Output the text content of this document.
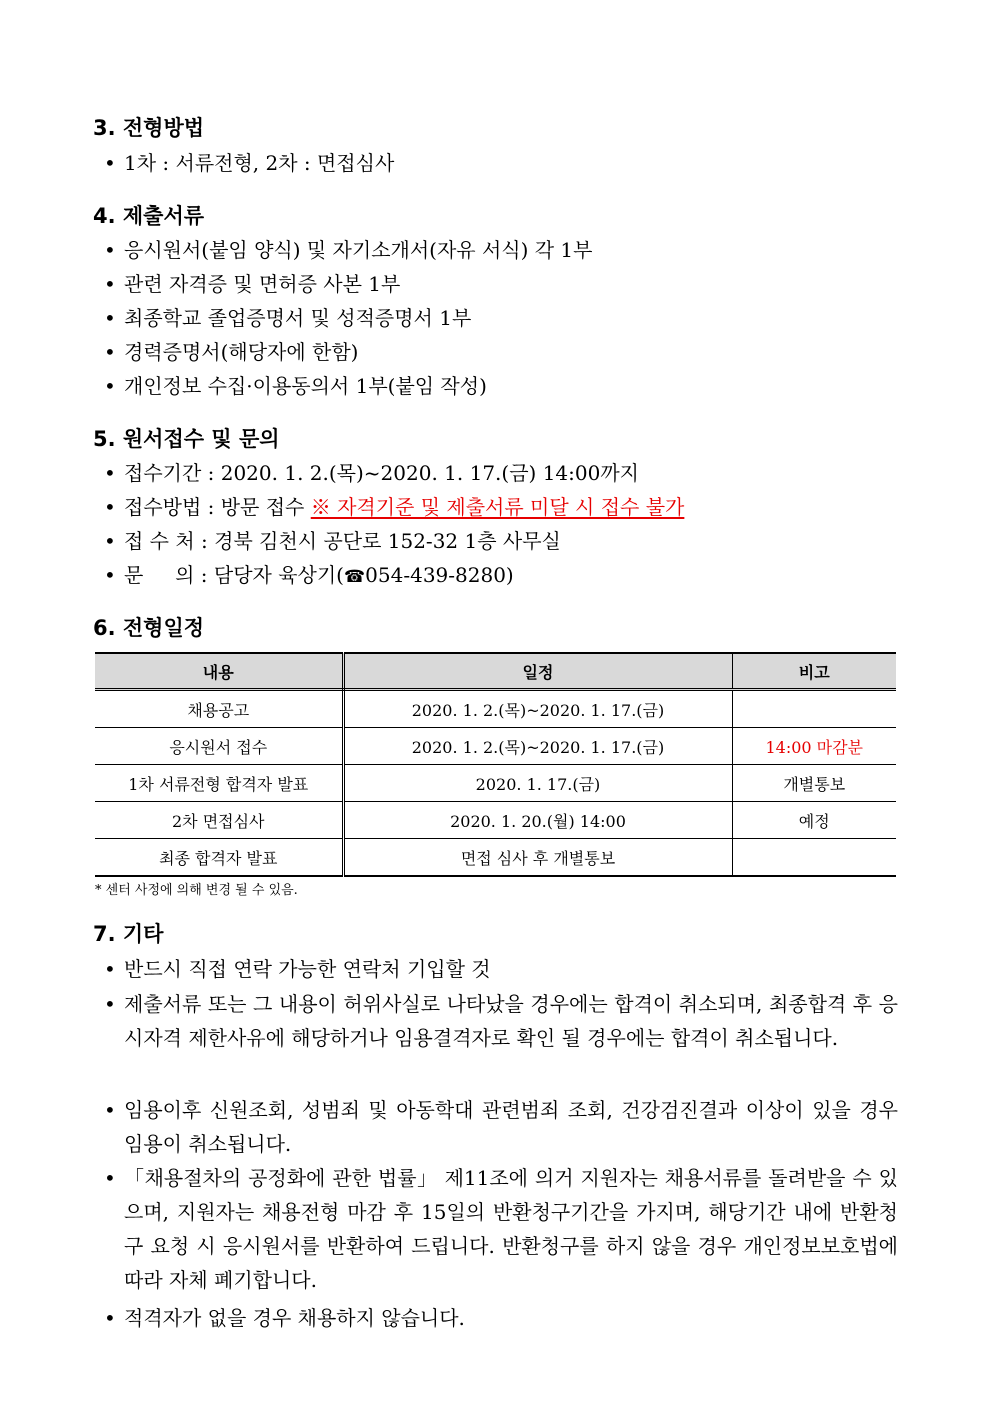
3. 전형방법
• 1차 : 서류전형, 2차 : 면접심사
4. 제출서류
• 응시원서(붙임 양식) 및 자기소개서(자유 서식) 각 1부
• 관련 자격증 및 면허증 사본 1부
• 최종학교 졸업증명서 및 성적증명서 1부
• 경력증명서(해당자에 한함)
• 개인정보 수집·이용동의서 1부(붙임 작성)
5. 원서접수 및 문의
• 접수기간 : 2020. 1. 2.(목)~2020. 1. 17.(금) 14:00까지
• 접수방법 : 방문 접수 ※ 자격기준 및 제출서류 미달 시 접수 불가
• 접 수 처 : 경북 김천시 공단로 152-32 1층 사무실
• 문     의 : 담당자 육상기(☎054-439-8280)
6. 전형일정
내용	일정	비고
채용공고	2020. 1. 2.(목)~2020. 1. 17.(금)	
응시원서 접수	2020. 1. 2.(목)~2020. 1. 17.(금)	14:00 마감분
1차 서류전형 합격자 발표	2020. 1. 17.(금)	개별통보
2차 면접심사	2020. 1. 20.(월) 14:00	예정
최종 합격자 발표	면접 심사 후 개별통보	
* 센터 사정에 의해 변경 될 수 있음.
7. 기타
• 반드시 직접 연락 가능한 연락처 기입할 것
• 제출서류 또는 그 내용이 허위사실로 나타났을 경우에는 합격이 취소되며, 최종합격 후 응시자격 제한사유에 해당하거나 임용결격자로 확인 될 경우에는 합격이 취소됩니다.
• 임용이후 신원조회, 성범죄 및 아동학대 관련범죄 조회, 건강검진결과 이상이 있을 경우 임용이 취소됩니다.
• 「채용절차의 공정화에 관한 법률」 제11조에 의거 지원자는 채용서류를 돌려받을 수 있으며, 지원자는 채용전형 마감 후 15일의 반환청구기간을 가지며, 해당기간 내에 반환청구 요청 시 응시원서를 반환하여 드립니다. 반환청구를 하지 않을 경우 개인정보보호법에 따라 자체 폐기합니다.
• 적격자가 없을 경우 채용하지 않습니다.
